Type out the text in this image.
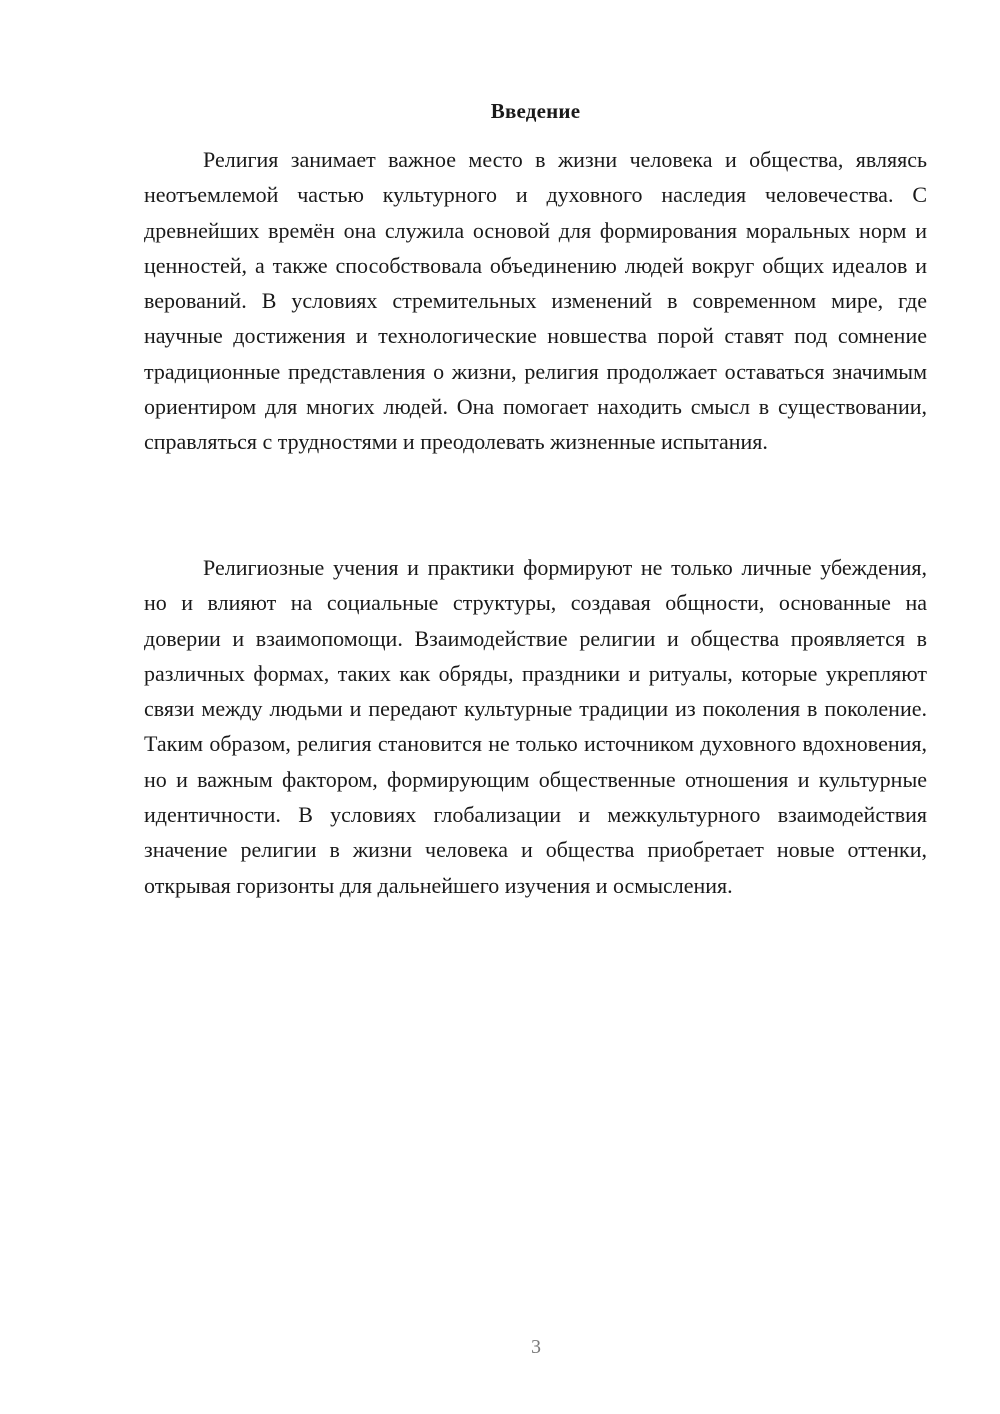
Введение

Религия занимает важное место в жизни человека и общества, являясь неотъемлемой частью культурного и духовного наследия человечества. С древнейших времён она служила основой для формирования моральных норм и ценностей, а также способствовала объединению людей вокруг общих идеалов и верований. В условиях стремительных изменений в современном мире, где научные достижения и технологические новшества порой ставят под сомнение традиционные представления о жизни, религия продолжает оставаться значимым ориентиром для многих людей. Она помогает находить смысл в существовании, справляться с трудностями и преодолевать жизненные испытания.

Религиозные учения и практики формируют не только личные убеждения, но и влияют на социальные структуры, создавая общности, основанные на доверии и взаимопомощи. Взаимодействие религии и общества проявляется в различных формах, таких как обряды, праздники и ритуалы, которые укрепляют связи между людьми и передают культурные традиции из поколения в поколение. Таким образом, религия становится не только источником духовного вдохновения, но и важным фактором, формирующим общественные отношения и культурные идентичности. В условиях глобализации и межкультурного взаимодействия значение религии в жизни человека и общества приобретает новые оттенки, открывая горизонты для дальнейшего изучения и осмысления.

3
